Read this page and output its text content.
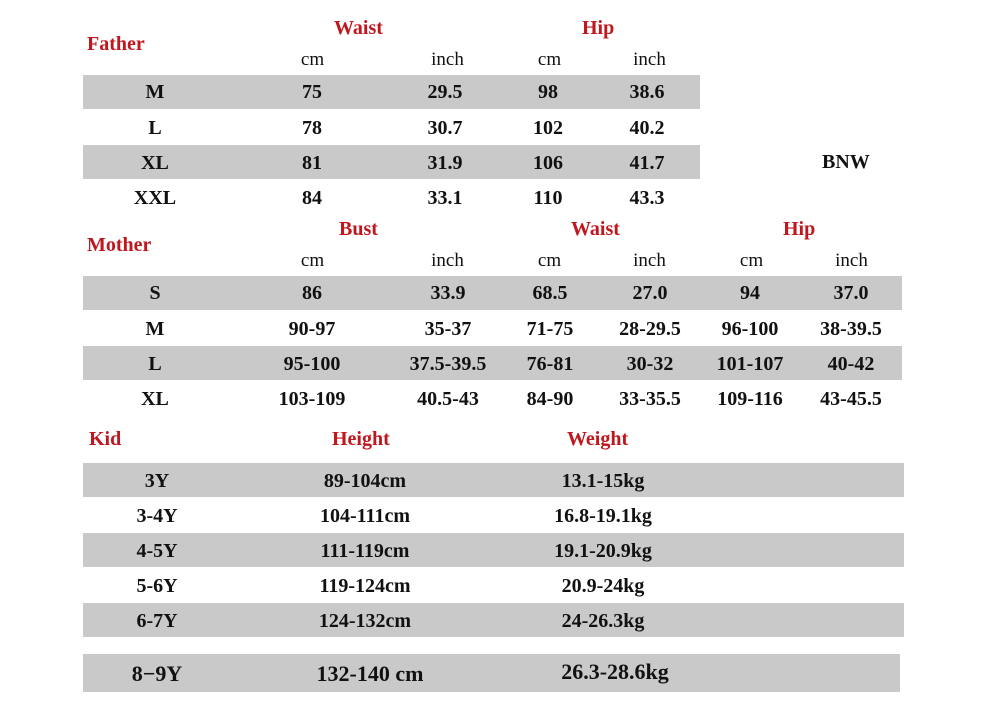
Father
Waist	Hip
cm	inch	cm	inch
M	75	29.5	98	38.6
L	78	30.7	102	40.2
XL	81	31.9	106	41.7
XXL	84	33.1	110	43.3
BNW
Mother
Bust	Waist	Hip
cm	inch	cm	inch	cm	inch
S	86	33.9	68.5	27.0	94	37.0
M	90-97	35-37	71-75 28-29.5 96-100 38-39.5
L	95-100	37.5-39.5 76-81	30-32 101-107 40-42
XL	103-109	40.5-43 84-90 33-35.5 109-116 43-45.5
Kid	Height	Weight
3Y	89-104cm	13.1-15kg
3-4Y	104-111cm	16.8-19.1kg
4-5Y	111-119cm	19.1-20.9kg
5-6Y	119-124cm	20.9-24kg
6-7Y	124-132cm	24-26.3kg
8−9Y	132-140 cm	26.3-28.6kg
